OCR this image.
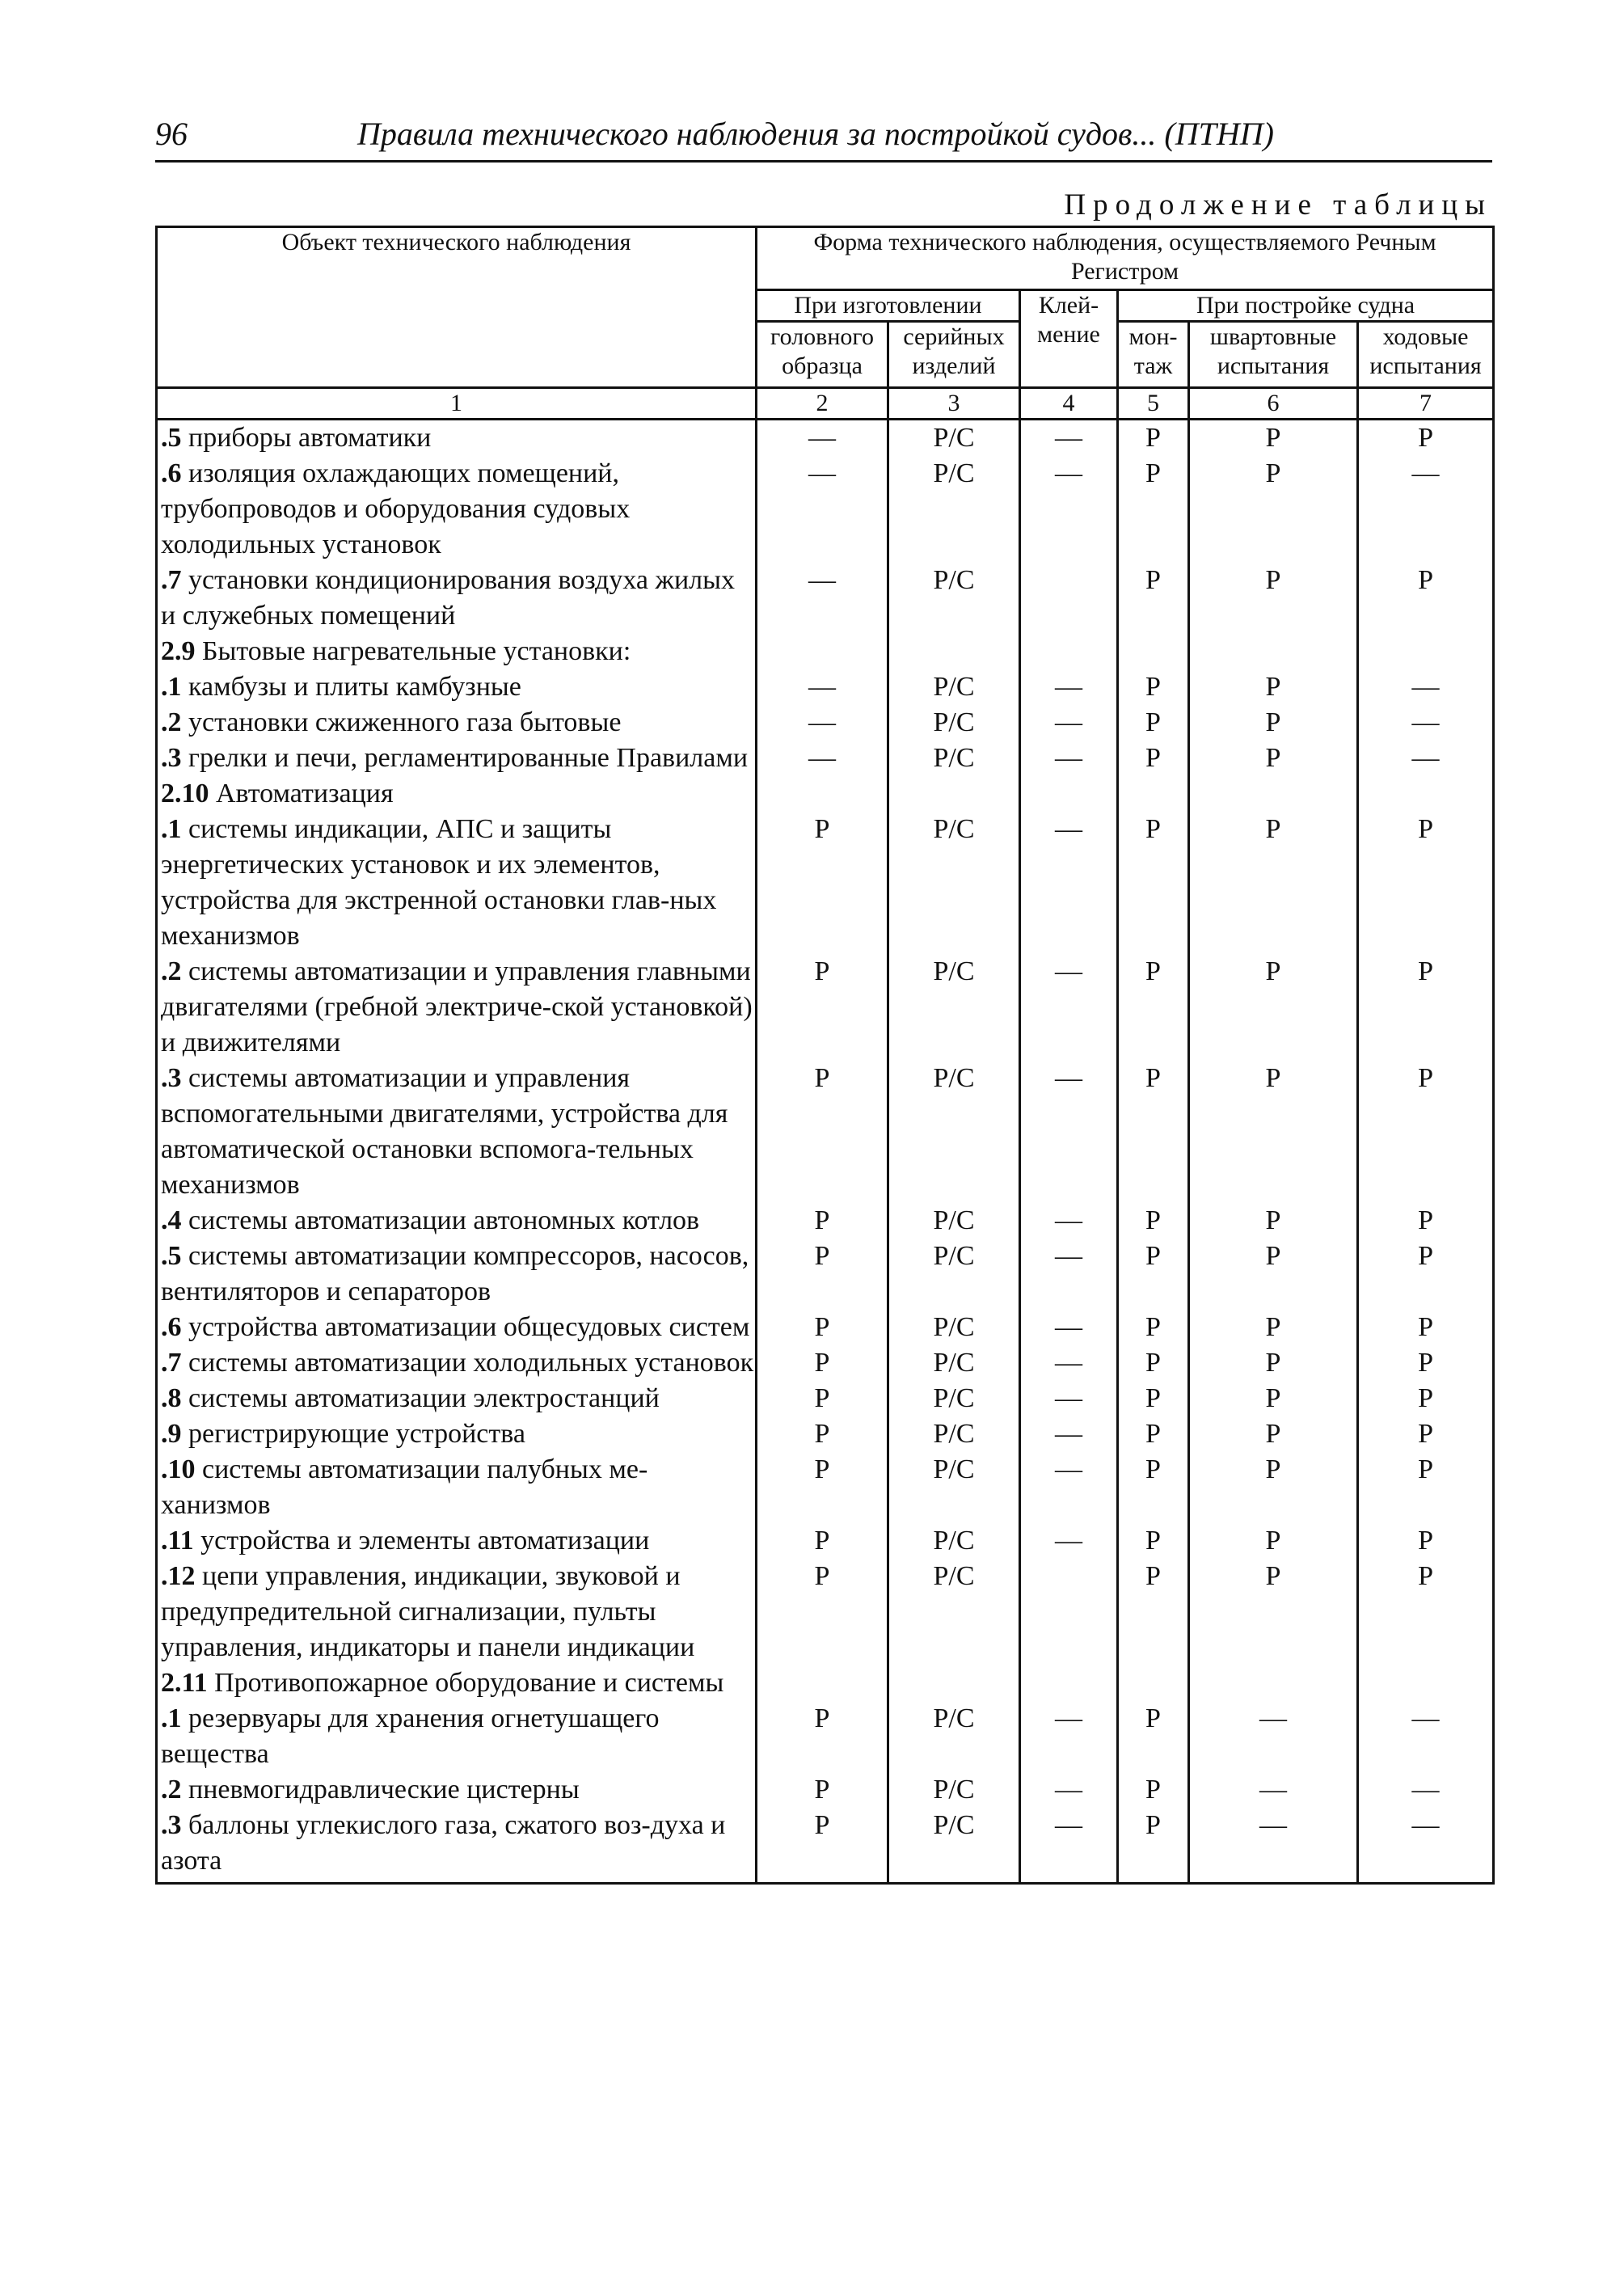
96	Правила технического наблюдения за постройкой судов... (ПТНП)
Продолжение таблицы
Объект технического наблюдения	Форма технического наблюдения, осуществляемого Речным Регистром					
	При изготовлении		Клей-мение	При постройке судна		
	головного образца	серийных изделий		мон-таж	швартовные испытания	ходовые испытания
1	2	3	4	5	6	7
.5 приборы автоматики	—	Р/С	—	Р	Р	Р
.6 изоляция охлаждающих помещений, трубопроводов и оборудования судовых холодильных установок	—	Р/С	—	Р	Р	—
.7 установки кондиционирования воздуха жилых и служебных помещений	—	Р/С		Р	Р	Р
2.9 Бытовые нагревательные установки:						
.1 камбузы и плиты камбузные	—	Р/С	—	Р	Р	—
.2 установки сжиженного газа бытовые	—	Р/С	—	Р	Р	—
.3 грелки и печи, регламентированные Правилами	—	Р/С	—	Р	Р	—
2.10 Автоматизация						
.1 системы индикации, АПС и защиты энергетических установок и их элементов, устройства для экстренной остановки глав-ных механизмов	Р	Р/С	—	Р	Р	Р
.2 системы автоматизации и управления главными двигателями (гребной электриче-ской установкой) и движителями	Р	Р/С	—	Р	Р	Р
.3 системы автоматизации и управления вспомогательными двигателями, устройства для автоматической остановки вспомога-тельных механизмов	Р	Р/С	—	Р	Р	Р
.4 системы автоматизации автономных котлов	Р	Р/С	—	Р	Р	Р
.5 системы автоматизации компрессоров, насосов, вентиляторов и сепараторов	Р	Р/С	—	Р	Р	Р
.6 устройства автоматизации общесудовых систем	Р	Р/С	—	Р	Р	Р
.7 системы автоматизации холодильных установок	Р	Р/С	—	Р	Р	Р
.8 системы автоматизации электростанций	Р	Р/С	—	Р	Р	Р
.9 регистрирующие устройства	Р	Р/С	—	Р	Р	Р
.10 системы автоматизации палубных ме-ханизмов	Р	Р/С	—	Р	Р	Р
.11 устройства и элементы автоматизации	Р	Р/С	—	Р	Р	Р
.12 цепи управления, индикации, звуковой и предупредительной сигнализации, пульты управления, индикаторы и панели индикации	Р	Р/С		Р	Р	Р
2.11 Противопожарное оборудование и системы						
.1 резервуары для хранения огнетушащего вещества	Р	Р/С	—	Р	—	—
.2 пневмогидравлические цистерны	Р	Р/С	—	Р	—	—
.3 баллоны углекислого газа, сжатого воз-духа и азота	Р	Р/С	—	Р	—	—
